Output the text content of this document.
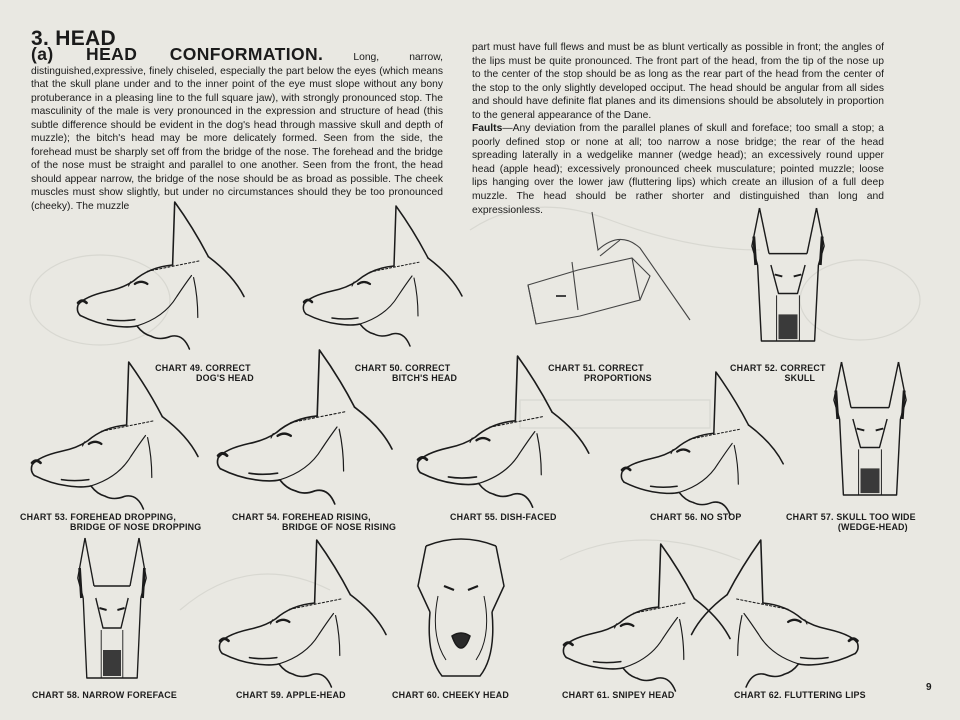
3. HEAD
(a) HEAD CONFORMATION.	Long, narrow, distinguished,expressive, finely chiseled, especially the part below the eyes (which means that the skull plane under and to the inner point of the eye must slope without any bony protuberance in a pleasing line to the full square jaw), with strongly pronounced stop. The masculinity of the male is very pronounced in the expression and structure of head (this subtle difference should be evident in the dog's head through massive skull and depth of muzzle); the bitch's head may be more delicately formed. Seen from the side, the forehead must be sharply set off from the bridge of the nose. The forehead and the bridge of the nose must be straight and parallel to one another. Seen from the front, the head should appear narrow, the bridge of the nose should be as broad as possible. The cheek muscles must show slightly, but under no circumstances should they be too pronounced (cheeky). The muzzle
part must have full flews and must be as blunt vertically as possible in front; the angles of the lips must be quite pronounced. The front part of the head, from the tip of the nose up to the center of the stop should be as long as the rear part of the head from the center of the stop to the only slightly developed occiput. The head should be angular from all sides and should have definite flat planes and its dimensions should be absolutely in proportion to the general appearance of the Dane.
Faults—Any deviation from the parallel planes of skull and foreface; too small a stop; a poorly defined stop or none at all; too narrow a nose bridge; the rear of the head spreading laterally in a wedgelike manner (wedge head); an excessively round upper head (apple head); excessively pronounced cheek musculature; pointed muzzle; loose lips hanging over the lower jaw (fluttering lips) which create an illusion of a full deep muzzle. The head should be rather shorter and distinguished than long and expressionless.
CHART 49. CORRECT
DOG'S HEAD
CHART 50. CORRECT
BITCH'S HEAD
CHART 51. CORRECT
PROPORTIONS
CHART 52. CORRECT
SKULL
CHART 53. FOREHEAD DROPPING,
BRIDGE OF NOSE DROPPING
CHART 54. FOREHEAD RISING,
BRIDGE OF NOSE RISING
CHART 55. DISH-FACED	CHART 56. NO STOP	CHART 57. SKULL TOO WIDE
(WEDGE-HEAD)
CHART 58. NARROW FOREFACE	CHART 59. APPLE-HEAD	CHART 60. CHEEKY HEAD	CHART 61. SNIPEY HEAD	CHART 62. FLUTTERING LIPS
9
